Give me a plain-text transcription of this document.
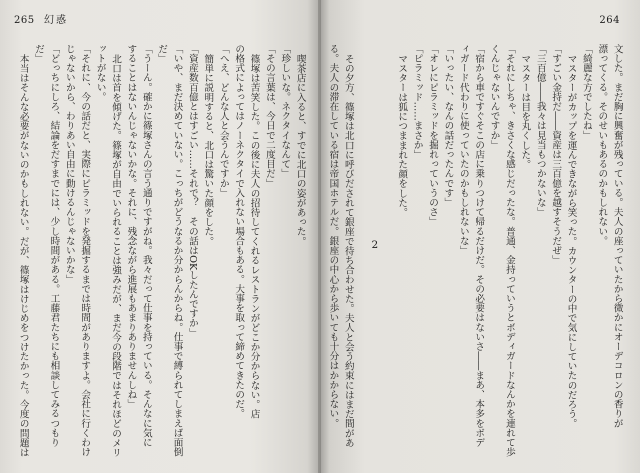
265 幻惑
喫茶店に入ると、すでに北口の姿があった。
「珍しいな。ネクタイなんて」
「その言葉は、今日で二度目だ」
篠塚は苦笑した。この後に夫人の招待してくれるレストランがどこか分からない。店
の格式によってはノーネクタイで入れない場合もある。大事を取って締めてきたのだ。
「へえ、どんな人と会うんですか」
簡単に説明すると、北口は驚いた顔をした。
「資産数百億とはすごい……それで？　その話はOKしたんですか」
「いや、まだ決めていない。こっちがどうなるか分からんからね。仕事で縛られてしまえば面倒
だ」
「うーん。確かに篠塚さんの言う通りですがね。我々だって仕事を持っている。そんなに気に
することはないんじゃないかな。それに、残念ながら進展もあまりありませんしね」
北口は首を傾げた。篠塚が自由でいられることは強みだが、まだ今の段階ではそれほどのメリ
ットがない。
「それに、今の話だと、実際にピラミッドを発掘するまでは時間がありますよ。会社に行くわけ
じゃないから、わりあい自由に動けるんじゃないかな」
「どっちにしろ、結論をだすまでには、少し時間がある。工藤君たちにも相談してみるつもり
だ」
本当はそんな必要がないのかもしれない。だが、篠塚はけじめをつけたかった。今度の問題は
264
文した。まだ胸に興奮が残っている。夫人の座っていたから微かにオーデコロンの香りが
漂ってくる。そのせいもあるのかもしれない。
「綺麗な方でしたね」
マスターがカップを運んできながら笑った。カウンターの中で気にしていたのだろう。
「すごい金持だ――資産は三百億を越すそうだぜ」
「三百億――我々は見当もつかないな」
マスターは目を丸くした。
「それにしちゃ、きさくな感じだったな。普通、金持っていうとボディガードなんかを連れて歩
くんじゃないんですか」
「宿から車ですぐそこの店に乗りつけて帰るだけだ。その必要はないさ――まあ、本多をボデ
ィガード代わりに使っていたのかもしれないな」
「いったい、なんの話だったんです」
「オレにピラミッドを掘れっていうのさ」
「ピラミッド……まさか」
マスターは狐につままれた顔をした。
2
その夕方、篠塚は北口に呼びだされて銀座で待ち合わせた。夫人と会う約束にはまだ間があ
る。夫人の滞在している宿は帝国ホテルだ。銀座の中心から歩いても十分はかからない。
